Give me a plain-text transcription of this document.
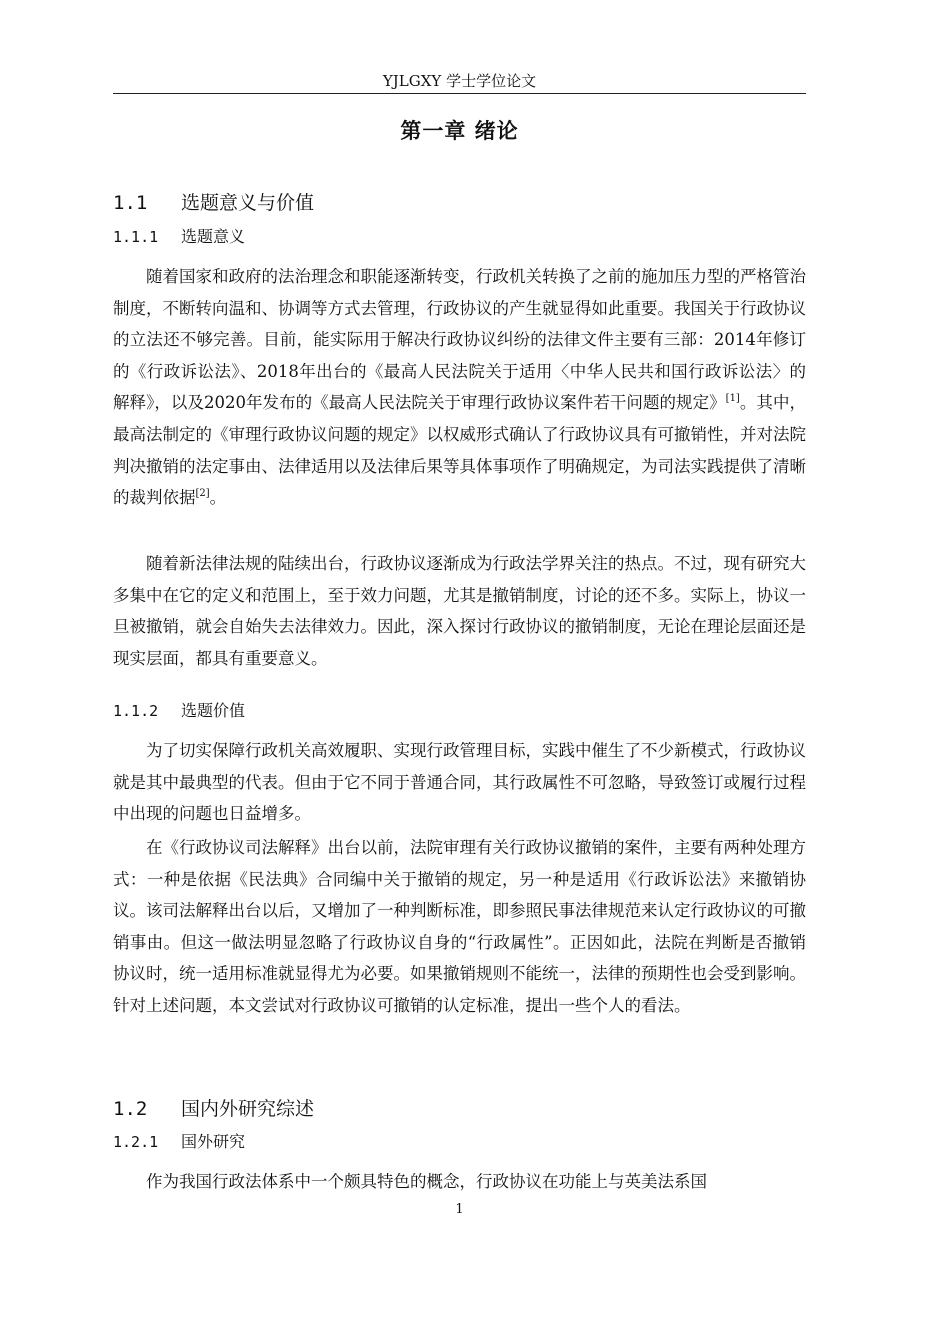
YJLGXY 学士学位论文
第一章 绪论
1.1 选题意义与价值
1.1.1 选题意义

随着国家和政府的法治理念和职能逐渐转变，行政机关转换了之前的施加压力型的严格管治制度，不断转向温和、协调等方式去管理，行政协议的产生就显得如此重要。我国关于行政协议的立法还不够完善。目前，能实际用于解决行政协议纠纷的法律文件主要有三部：2014年修订的《行政诉讼法》、2018年出台的《最高人民法院关于适用〈中华人民共和国行政诉讼法〉的解释》，以及2020年发布的《最高人民法院关于审理行政协议案件若干问题的规定》[1]。其中，最高法制定的《审理行政协议问题的规定》以权威形式确认了行政协议具有可撤销性，并对法院判决撤销的法定事由、法律适用以及法律后果等具体事项作了明确规定，为司法实践提供了清晰的裁判依据[2]。

随着新法律法规的陆续出台，行政协议逐渐成为行政法学界关注的热点。不过，现有研究大多集中在它的定义和范围上，至于效力问题，尤其是撤销制度，讨论的还不多。实际上，协议一旦被撤销，就会自始失去法律效力。因此，深入探讨行政协议的撤销制度，无论在理论层面还是现实层面，都具有重要意义。

1.1.2 选题价值

为了切实保障行政机关高效履职、实现行政管理目标，实践中催生了不少新模式，行政协议就是其中最典型的代表。但由于它不同于普通合同，其行政属性不可忽略，导致签订或履行过程中出现的问题也日益增多。

在《行政协议司法解释》出台以前，法院审理有关行政协议撤销的案件，主要有两种处理方式：一种是依据《民法典》合同编中关于撤销的规定，另一种是适用《行政诉讼法》来撤销协议。该司法解释出台以后，又增加了一种判断标准，即参照民事法律规范来认定行政协议的可撤销事由。但这一做法明显忽略了行政协议自身的“行政属性”。正因如此，法院在判断是否撤销协议时，统一适用标准就显得尤为必要。如果撤销规则不能统一，法律的预期性也会受到影响。针对上述问题，本文尝试对行政协议可撤销的认定标准，提出一些个人的看法。

1.2 国内外研究综述
1.2.1 国外研究

作为我国行政法体系中一个颇具特色的概念，行政协议在功能上与英美法系国

1
